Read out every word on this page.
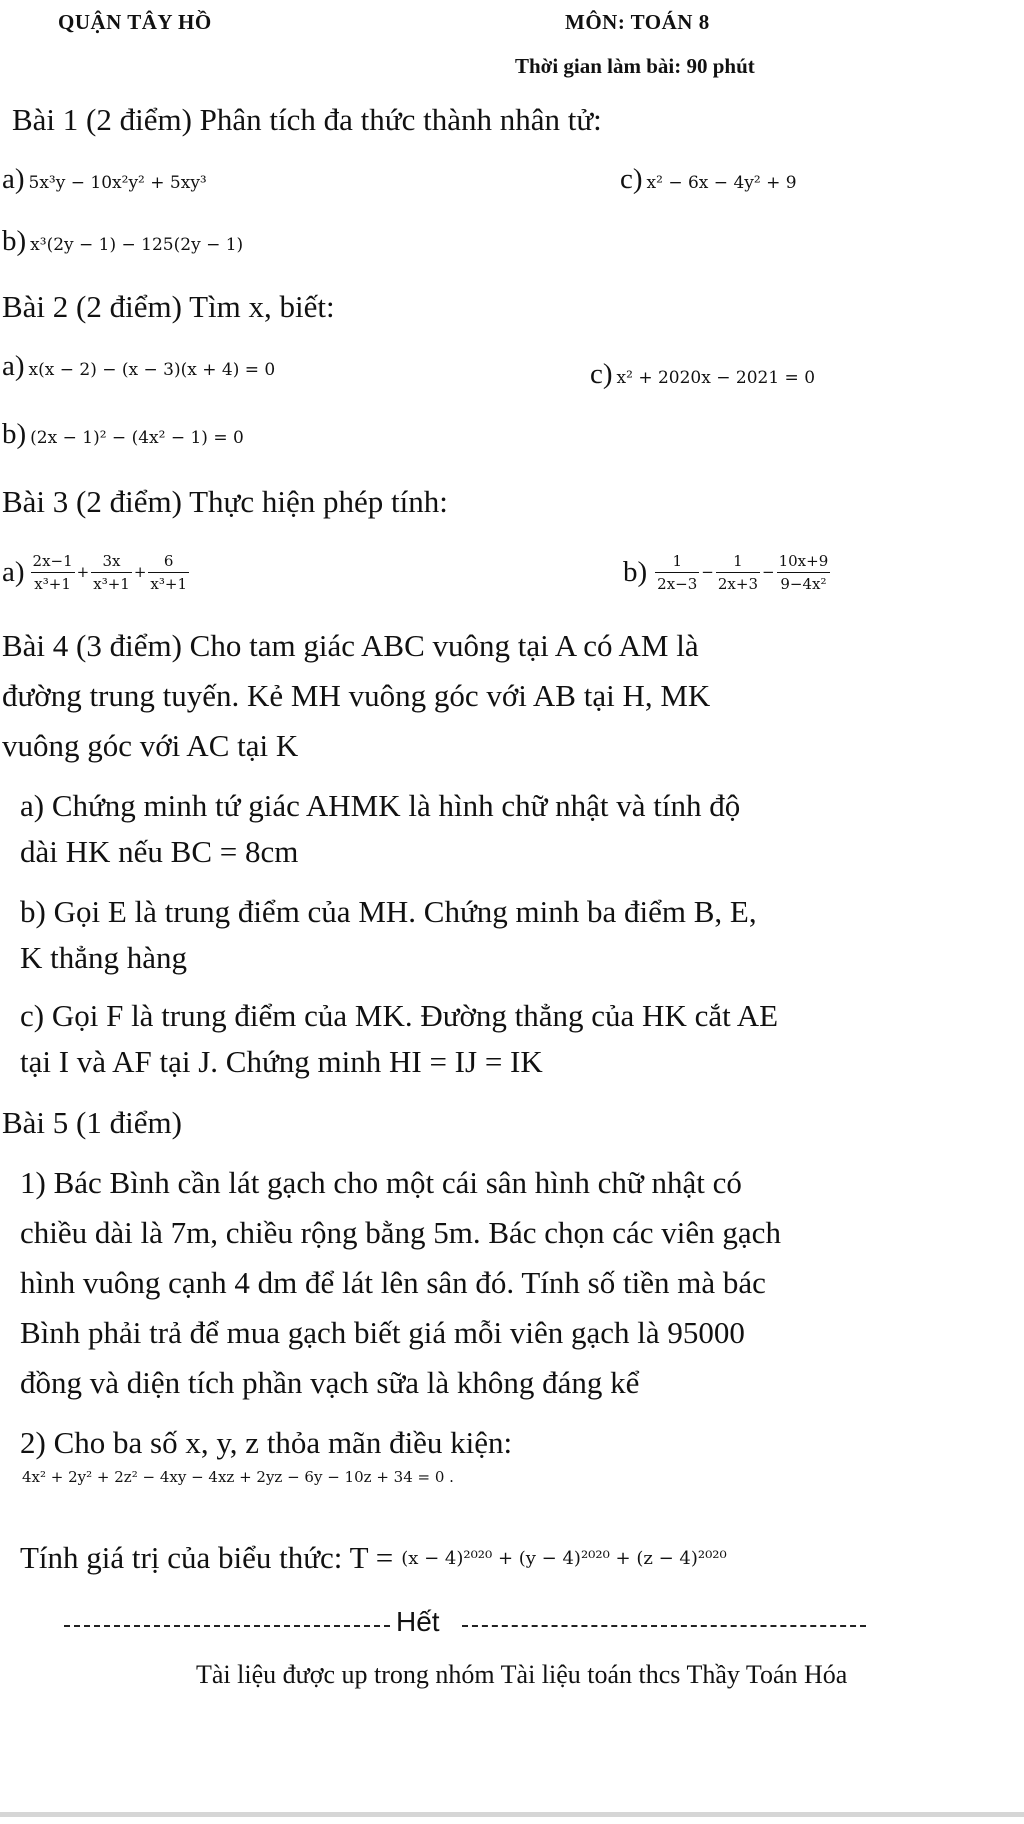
QUẬN TÂY HỒ	MÔN: TOÁN 8
Thời gian làm bài: 90 phút
Bài 1 (2 điểm) Phân tích đa thức thành nhân tử:
a) 5x³y − 10x²y² + 5xy³	c) x² − 6x − 4y² + 9
b) x³(2y − 1) − 125(2y − 1)
Bài 2 (2 điểm) Tìm x, biết:
a) x(x − 2) − (x − 3)(x + 4) = 0	c) x² + 2020x − 2021 = 0
b) (2x − 1)² − (4x² − 1) = 0
Bài 3 (2 điểm) Thực hiện phép tính:
$a) \frac{2x-1}{\text{x³+1}} + \frac{3x}{\text{x³+1}} + \frac{6}{\text{x³+1}}$	$b) \frac{1}{2x-3} - \frac{1}{2x+3} - \frac{10x+9}{\text{9−4x²}}$
Bài 4 (3 điểm) Cho tam giác ABC vuông tại A có AM là
đường trung tuyến. Kẻ MH vuông góc với AB tại H, MK
vuông góc với AC tại K
a) Chứng minh tứ giác AHMK là hình chữ nhật và tính độ
dài HK nếu BC = 8cm
b) Gọi E là trung điểm của MH. Chứng minh ba điểm B, E,
K thẳng hàng
c) Gọi F là trung điểm của MK. Đường thẳng của HK cắt AE
tại I và AF tại J. Chứng minh HI = IJ = IK
Bài 5 (1 điểm)
1) Bác Bình cần lát gạch cho một cái sân hình chữ nhật có
chiều dài là 7m, chiều rộng bằng 5m. Bác chọn các viên gạch
hình vuông cạnh 4 dm để lát lên sân đó. Tính số tiền mà bác
Bình phải trả để mua gạch biết giá mỗi viên gạch là 95000
đồng và diện tích phần vạch sữa là không đáng kể
2) Cho ba số x, y, z thỏa mãn điều kiện:
4x² + 2y² + 2z² − 4xy − 4xz + 2yz − 6y − 10z + 34 = 0 .
Tính giá trị của biểu thức: T = (x − 4)²⁰²⁰ + (y − 4)²⁰²⁰ + (z − 4)²⁰²⁰
Hết
Tài liệu được up trong nhóm Tài liệu toán thcs Thầy Toán Hóa
